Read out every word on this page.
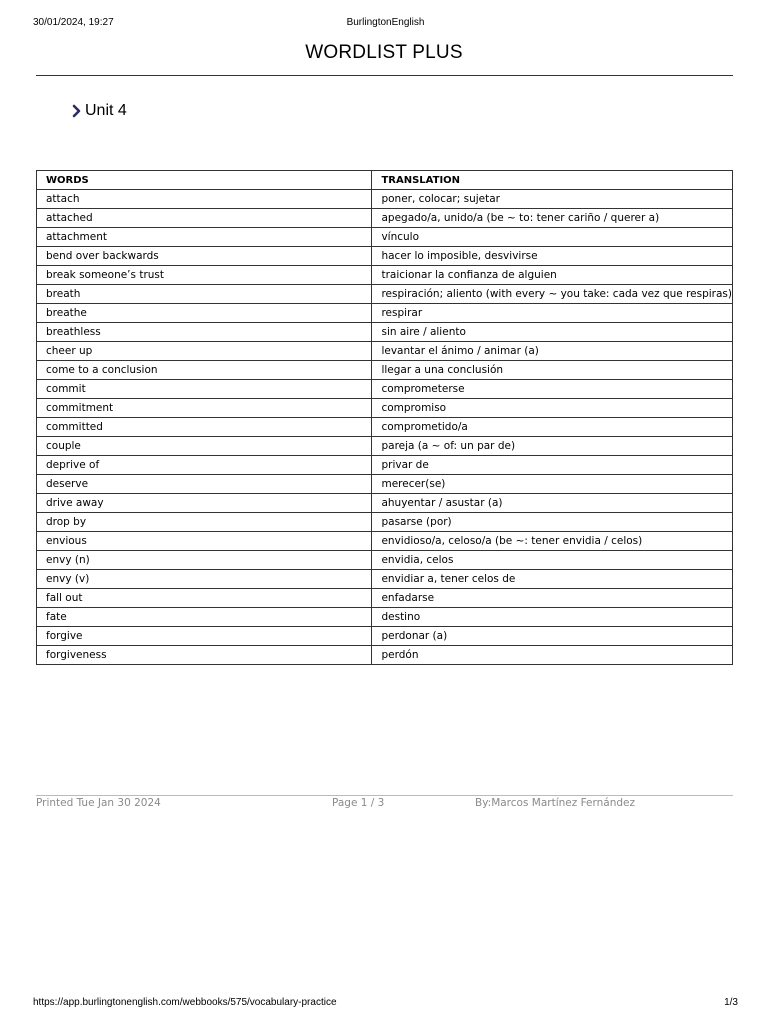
30/01/2024, 19:27	BurlingtonEnglish
WORDLIST PLUS
Unit 4
WORDS	TRANSLATION
attach	poner, colocar; sujetar
attached	apegado/a, unido/a (be ~ to: tener cariño / querer a)
attachment	vínculo
bend over backwards	hacer lo imposible, desvivirse
break someone’s trust	traicionar la confianza de alguien
breath	respiración; aliento (with every ~ you take: cada vez que respiras)
breathe	respirar
breathless	sin aire / aliento
cheer up	levantar el ánimo / animar (a)
come to a conclusion	llegar a una conclusión
commit	comprometerse
commitment	compromiso
committed	comprometido/a
couple	pareja (a ~ of: un par de)
deprive of	privar de
deserve	merecer(se)
drive away	ahuyentar / asustar (a)
drop by	pasarse (por)
envious	envidioso/a, celoso/a (be ~: tener envidia / celos)
envy (n)	envidia, celos
envy (v)	envidiar a, tener celos de
fall out	enfadarse
fate	destino
forgive	perdonar (a)
forgiveness	perdón
Printed Tue Jan 30 2024	Page 1 / 3	By:Marcos Martínez Fernández
https://app.burlingtonenglish.com/webbooks/575/vocabulary-practice	1/3
